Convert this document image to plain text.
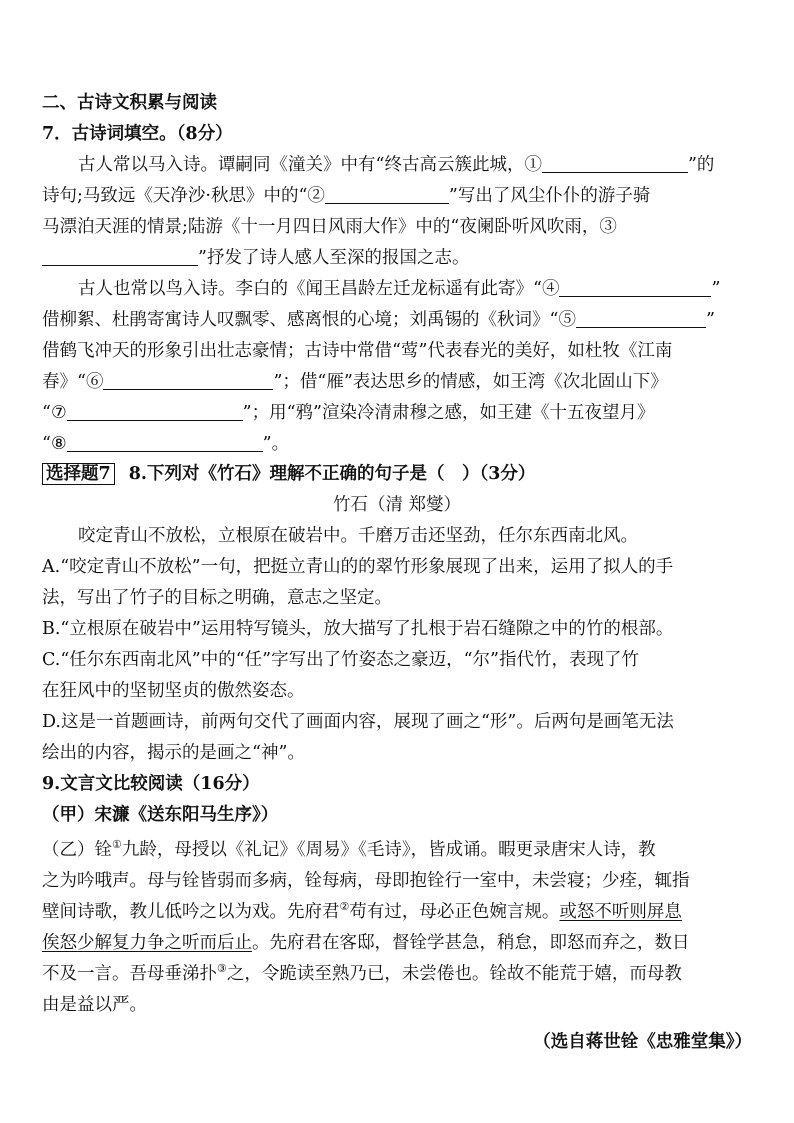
二、古诗文积累与阅读
7．古诗词填空。（8分）
古人常以马入诗。谭嗣同《潼关》中有“终古高云簇此城，①	”的
诗句;马致远《天净沙·秋思》中的“②	”写出了风尘仆仆的游子骑
马漂泊天涯的情景;陆游《十一月四日风雨大作》中的“夜阑卧听风吹雨，③
”抒发了诗人感人至深的报国之志。
古人也常以鸟入诗。李白的《闻王昌龄左迁龙标遥有此寄》“④	”
借柳絮、杜鹃寄寓诗人叹飘零、感离恨的心境；刘禹锡的《秋词》“⑤	”
借鹤飞冲天的形象引出壮志豪情；古诗中常借“莺”代表春光的美好，如杜牧《江南
春》“⑥	”；借“雁”表达思乡的情感，如王湾《次北固山下》
“⑦	”；用“鸦”渲染冷清肃穆之感，如王建《十五夜望月》
“⑧	”。
选择题7 8.下列对《竹石》理解不正确的句子是（　）（3分）
竹石（清 郑燮）
咬定青山不放松，立根原在破岩中。千磨万击还坚劲，任尔东西南北风。
A.“咬定青山不放松”一句，把挺立青山的的翠竹形象展现了出来，运用了拟人的手
法，写出了竹子的目标之明确，意志之坚定。
B.“立根原在破岩中”运用特写镜头，放大描写了扎根于岩石缝隙之中的竹的根部。
C.“任尔东西南北风”中的“任”字写出了竹姿态之豪迈，“尔”指代竹，表现了竹
在狂风中的坚韧坚贞的傲然姿态。
D.这是一首题画诗，前两句交代了画面内容，展现了画之“形”。后两句是画笔无法
绘出的内容，揭示的是画之“神”。
9.文言文比较阅读（16分）
（甲）宋濂《送东阳马生序》）
（乙）铨①九龄，母授以《礼记》《周易》《毛诗》，皆成诵。暇更录唐宋人诗，教
之为吟哦声。母与铨皆弱而多病，铨每病，母即抱铨行一室中，未尝寝；少痊，辄指
壁间诗歌，教儿低吟之以为戏。先府君②苟有过，母必正色婉言规。或怒不听则屏息
俟怒少解复力争之听而后止。先府君在客邸，督铨学甚急，稍怠，即怒而弃之，数日
不及一言。吾母垂涕扑③之，令跪读至熟乃已，未尝倦也。铨故不能荒于嬉，而母教
由是益以严。
（选自蒋世铨《忠雅堂集》）
